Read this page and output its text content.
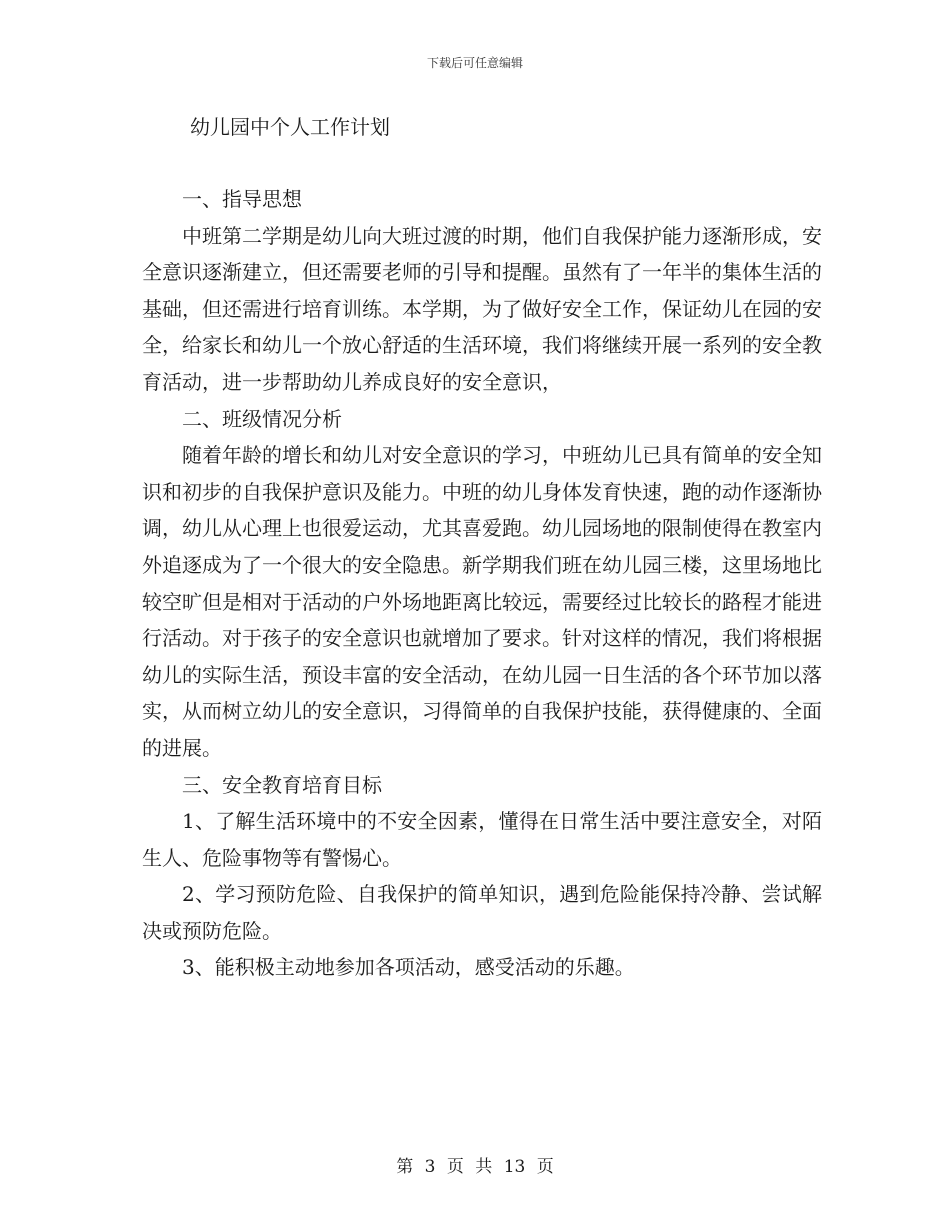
下载后可任意编辑
幼儿园中个人工作计划

一、指导思想

中班第二学期是幼儿向大班过渡的时期，他们自我保护能力逐渐形成，安全意识逐渐建立，但还需要老师的引导和提醒。虽然有了一年半的集体生活的基础，但还需进行培育训练。本学期，为了做好安全工作，保证幼儿在园的安全，给家长和幼儿一个放心舒适的生活环境，我们将继续开展一系列的安全教育活动，进一步帮助幼儿养成良好的安全意识，

二、班级情况分析

随着年龄的增长和幼儿对安全意识的学习，中班幼儿已具有简单的安全知识和初步的自我保护意识及能力。中班的幼儿身体发育快速，跑的动作逐渐协调，幼儿从心理上也很爱运动，尤其喜爱跑。幼儿园场地的限制使得在教室内外追逐成为了一个很大的安全隐患。新学期我们班在幼儿园三楼，这里场地比较空旷但是相对于活动的户外场地距离比较远，需要经过比较长的路程才能进行活动。对于孩子的安全意识也就增加了要求。针对这样的情况，我们将根据幼儿的实际生活，预设丰富的安全活动，在幼儿园一日生活的各个环节加以落实，从而树立幼儿的安全意识，习得简单的自我保护技能，获得健康的、全面的进展。

三、安全教育培育目标

1、了解生活环境中的不安全因素，懂得在日常生活中要注意安全，对陌生人、危险事物等有警惕心。

2、学习预防危险、自我保护的简单知识，遇到危险能保持冷静、尝试解决或预防危险。

3、能积极主动地参加各项活动，感受活动的乐趣。

第 3 页 共 13 页
